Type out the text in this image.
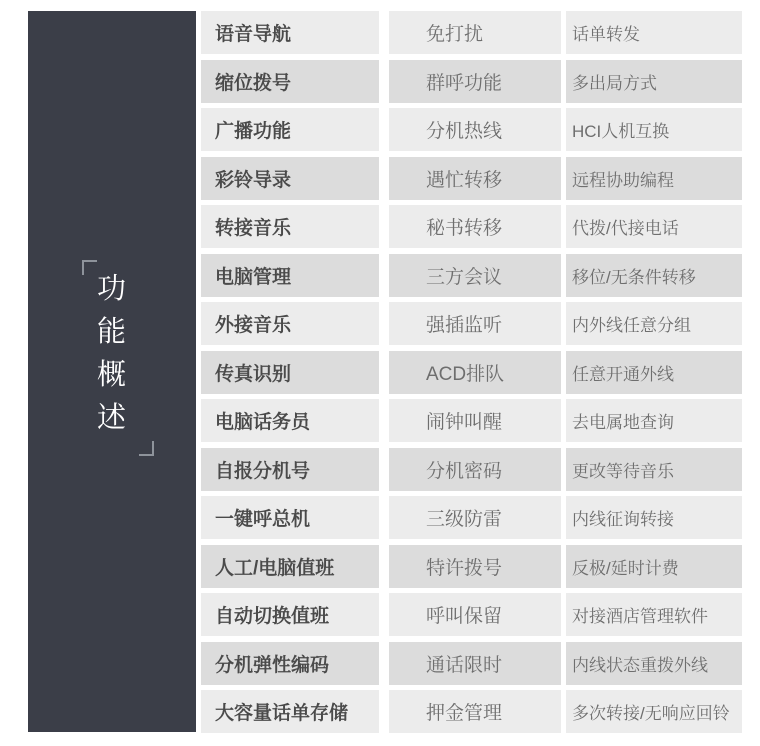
功
能
概
述
语音导航
缩位拨号
广播功能
彩铃导录
转接音乐
电脑管理
外接音乐
传真识别
电脑话务员
自报分机号
一键呼总机
人工/电脑值班
自动切换值班
分机弹性编码
大容量话单存储
免打扰
群呼功能
分机热线
遇忙转移
秘书转移
三方会议
强插监听
ACD排队
闹钟叫醒
分机密码
三级防雷
特许拨号
呼叫保留
通话限时
押金管理
话单转发
多出局方式
HCI人机互换
远程协助编程
代拨/代接电话
移位/无条件转移
内外线任意分组
任意开通外线
去电属地查询
更改等待音乐
内线征询转接
反极/延时计费
对接酒店管理软件
内线状态重拨外线
多次转接/无响应回铃
